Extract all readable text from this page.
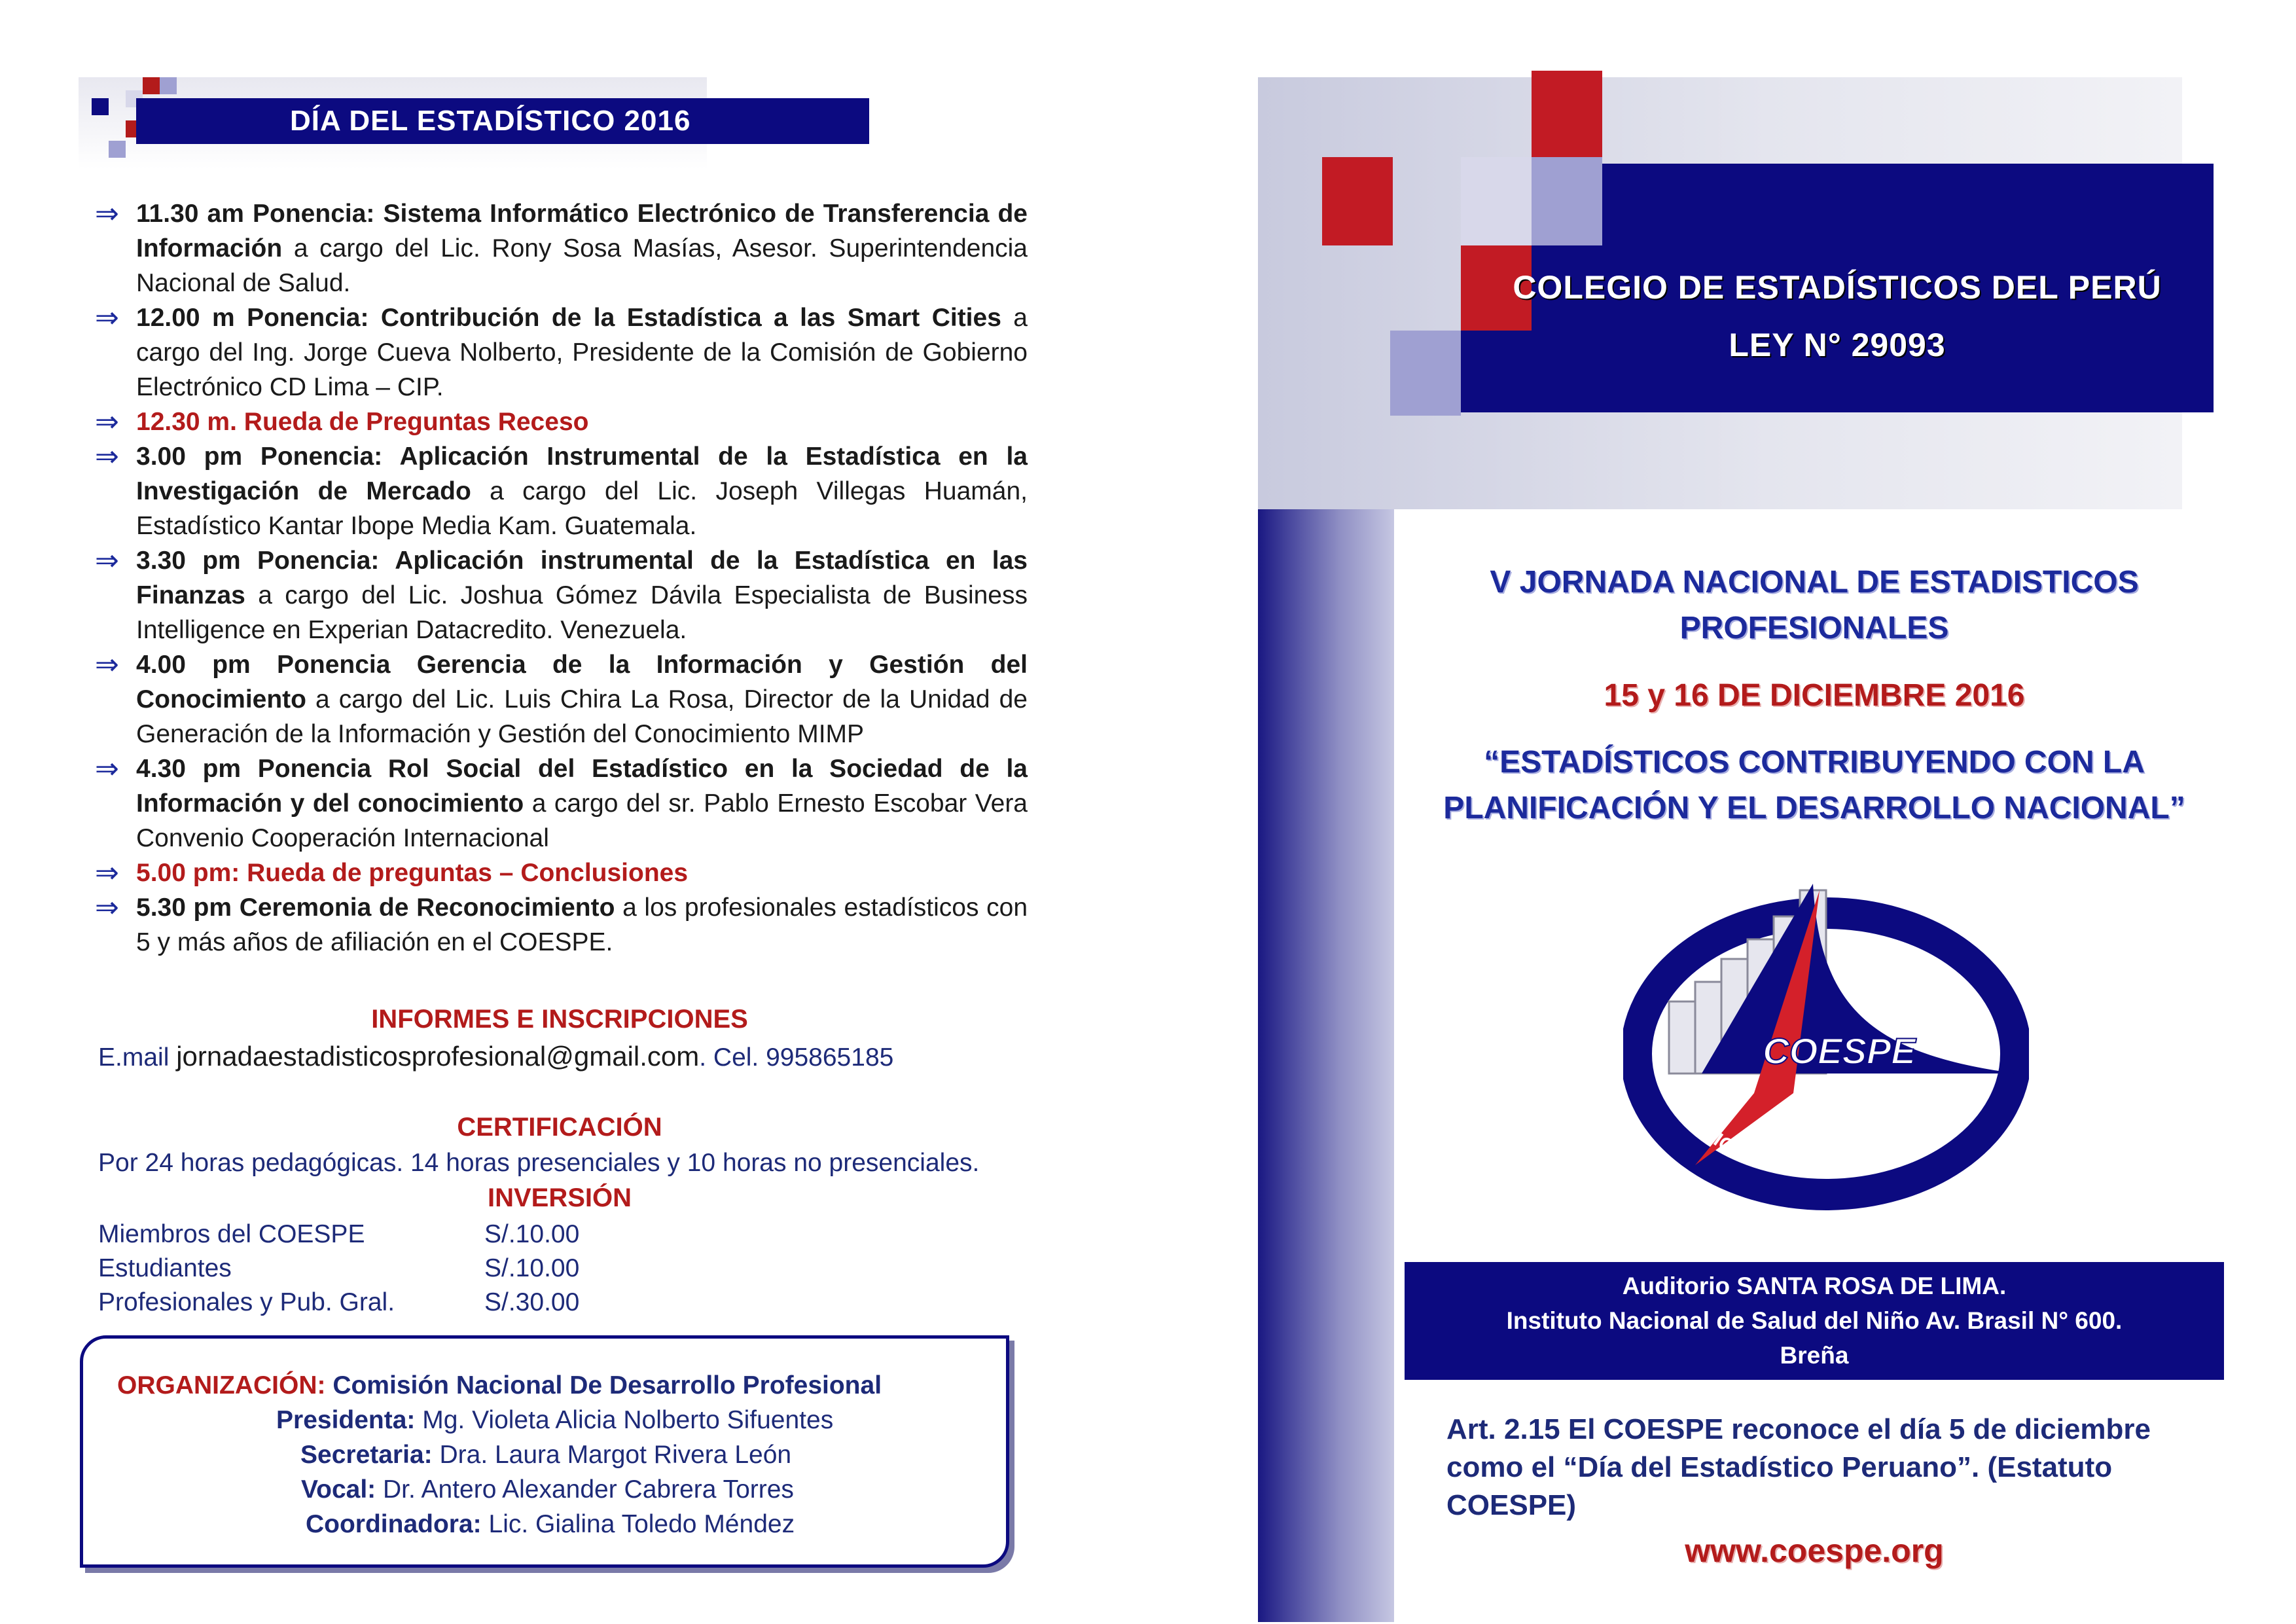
DÍA DEL ESTADÍSTICO 2016
⇒ 11.30 am Ponencia: Sistema Informático Electrónico de Transferencia de Información a cargo del Lic. Rony Sosa Masías, Asesor. Superintendencia Nacional de Salud.
⇒ 12.00 m Ponencia: Contribución de la Estadística a las Smart Cities a cargo del Ing. Jorge Cueva Nolberto, Presidente de la Comisión de Gobierno Electrónico CD Lima – CIP.
⇒ 12.30 m. Rueda de Preguntas Receso
⇒ 3.00 pm Ponencia: Aplicación Instrumental de la Estadística en la Investigación de Mercado a cargo del Lic. Joseph Villegas Huamán, Estadístico Kantar Ibope Media Kam. Guatemala.
⇒ 3.30 pm Ponencia: Aplicación instrumental de la Estadística en las Finanzas a cargo del Lic. Joshua Gómez Dávila Especialista de Business Intelligence en Experian Datacredito. Venezuela.
⇒ 4.00 pm Ponencia Gerencia de la Información y Gestión del Conocimiento a cargo del Lic. Luis Chira La Rosa, Director de la Unidad de Generación de la Información y Gestión del Conocimiento MIMP
⇒ 4.30 pm Ponencia Rol Social del Estadístico en la Sociedad de la Información y del conocimiento a cargo del sr. Pablo Ernesto Escobar Vera Convenio Cooperación Internacional
⇒ 5.00 pm: Rueda de preguntas – Conclusiones
⇒ 5.30 pm Ceremonia de Reconocimiento a los profesionales estadísticos con 5 y más años de afiliación en el COESPE.
INFORMES E INSCRIPCIONES
E.mail jornadaestadisticosprofesional@gmail.com. Cel. 995865185
CERTIFICACIÓN
Por 24 horas pedagógicas. 14 horas presenciales y 10 horas no presenciales.
INVERSIÓN
Miembros del COESPE	S/.10.00
Estudiantes	S/.10.00
Profesionales y Pub. Gral.	S/.30.00
ORGANIZACIÓN: Comisión Nacional De Desarrollo Profesional
Presidenta: Mg. Violeta Alicia Nolberto Sifuentes
Secretaria: Dra. Laura Margot Rivera León
Vocal: Dr. Antero Alexander Cabrera Torres
Coordinadora: Lic. Gialina Toledo Méndez
COLEGIO DE ESTADÍSTICOS DEL PERÚ
LEY N° 29093
V JORNADA NACIONAL DE ESTADISTICOS
PROFESIONALES
15 y 16 DE DICIEMBRE 2016
“ESTADÍSTICOS CONTRIBUYENDO CON LA
PLANIFICACIÓN Y EL DESARROLLO NACIONAL”
COESPE
COLEGIO DE ESTADÍSTICOS DEL PERÚ
Auditorio SANTA ROSA DE LIMA.
Instituto Nacional de Salud del Niño Av. Brasil N° 600.
Breña
Art. 2.15 El COESPE reconoce el día 5 de diciembre como el “Día del Estadístico Peruano”. (Estatuto COESPE)
www.coespe.org
